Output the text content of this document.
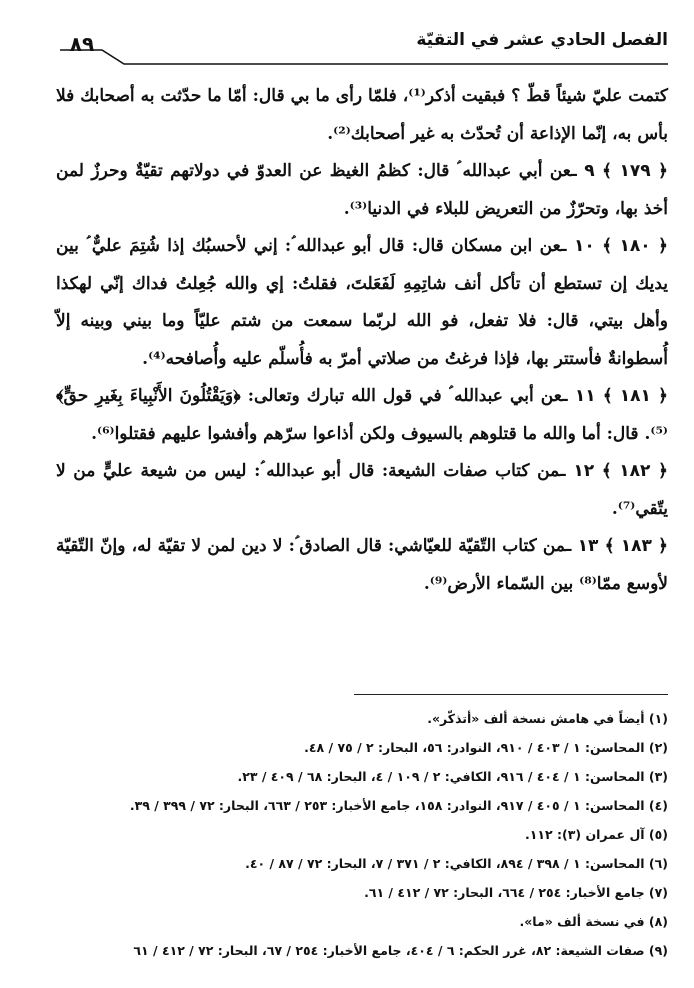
٨٩	الفصل الحادي عشر في التقيّة

كتمت عليّ شيئاً قطّ ؟ فبقيت أذكر⁽¹⁾، فلمّا رأى ما بي قال: أمّا ما حدّثت به أصحابك فلا بأس به، إنّما الإذاعة أن تُحدّث به غير أصحابك⁽²⁾.

﴿ ١٧٩ ﴾ ٩ ـعن أبي عبدالله ؑ قال: كظمُ الغيظ عن العدوّ في دولاتهم تقيّةٌ وحرزٌ لمن أخذ بها، وتحرّزٌ من التعريض للبلاء في الدنيا⁽³⁾.

﴿ ١٨٠ ﴾ ١٠ ـعن ابن مسكان قال: قال أبو عبدالله ؑ: إني لأحسبُك إذا شُتِمَ عليٌّ ؑ بين يديك إن تستطع أن تأكل أنف شاتِمِهِ لَفَعَلتَ، فقلتُ: إي والله جُعِلتُ فداك إنّي لهكذا وأهل بيتي، قال: فلا تفعل، فو الله لربّما سمعت من شتم عليّاً وما بيني وبينه إلاّ أُسطوانةٌ فأستتر بها، فإذا فرغتُ من صلاتي أمرّ به فأُسلّم عليه وأُصافحه⁽⁴⁾.

﴿ ١٨١ ﴾ ١١ ـعن أبي عبدالله ؑ في قول الله تبارك وتعالى: ﴿وَيَقْتُلُونَ الأَنْبِياءَ بِغَيرِ حقٍّ﴾⁽⁵⁾. قال: أما والله ما قتلوهم بالسيوف ولكن أذاعوا سرّهم وأفشوا عليهم فقتلوا⁽⁶⁾.

﴿ ١٨٢ ﴾ ١٢ ـمن كتاب صفات الشيعة: قال أبو عبدالله ؑ: ليس من شيعة عليٍّ من لا يتّقي⁽⁷⁾.

﴿ ١٨٣ ﴾ ١٣ ـمن كتاب التّقيّة للعيّاشي: قال الصادق ؑ: لا دين لمن لا تقيّة له، وإنّ التّقيّة لأوسع ممّا⁽⁸⁾ بين السّماء الأرض⁽⁹⁾.

(١) أيضاً في هامش نسخة ألف «أتذكّر».
(٢) المحاسن: ١ / ٤٠٣ / ٩١٠، النوادر: ٥٦، البحار: ٢ / ٧٥ / ٤٨.
(٣) المحاسن: ١ / ٤٠٤ / ٩١٦، الكافي: ٢ / ١٠٩ / ٤، البحار: ٦٨ / ٤٠٩ / ٢٣.
(٤) المحاسن: ١ / ٤٠٥ / ٩١٧، النوادر: ١٥٨، جامع الأخبار: ٢٥٣ / ٦٦٣، البحار: ٧٢ / ٣٩٩ / ٣٩.
(٥) آل عمران (٣): ١١٢.
(٦) المحاسن: ١ / ٣٩٨ / ٨٩٤، الكافي: ٢ / ٣٧١ / ٧، البحار: ٧٢ / ٨٧ / ٤٠.
(٧) جامع الأخبار: ٢٥٤ / ٦٦٤، البحار: ٧٢ / ٤١٢ / ٦١.
(٨) في نسخة ألف «ما».
(٩) صفات الشيعة: ٨٢، غرر الحكم: ٦ / ٤٠٤، جامع الأخبار: ٢٥٤ / ٦٧، البحار: ٧٢ / ٤١٢ / ٦١
